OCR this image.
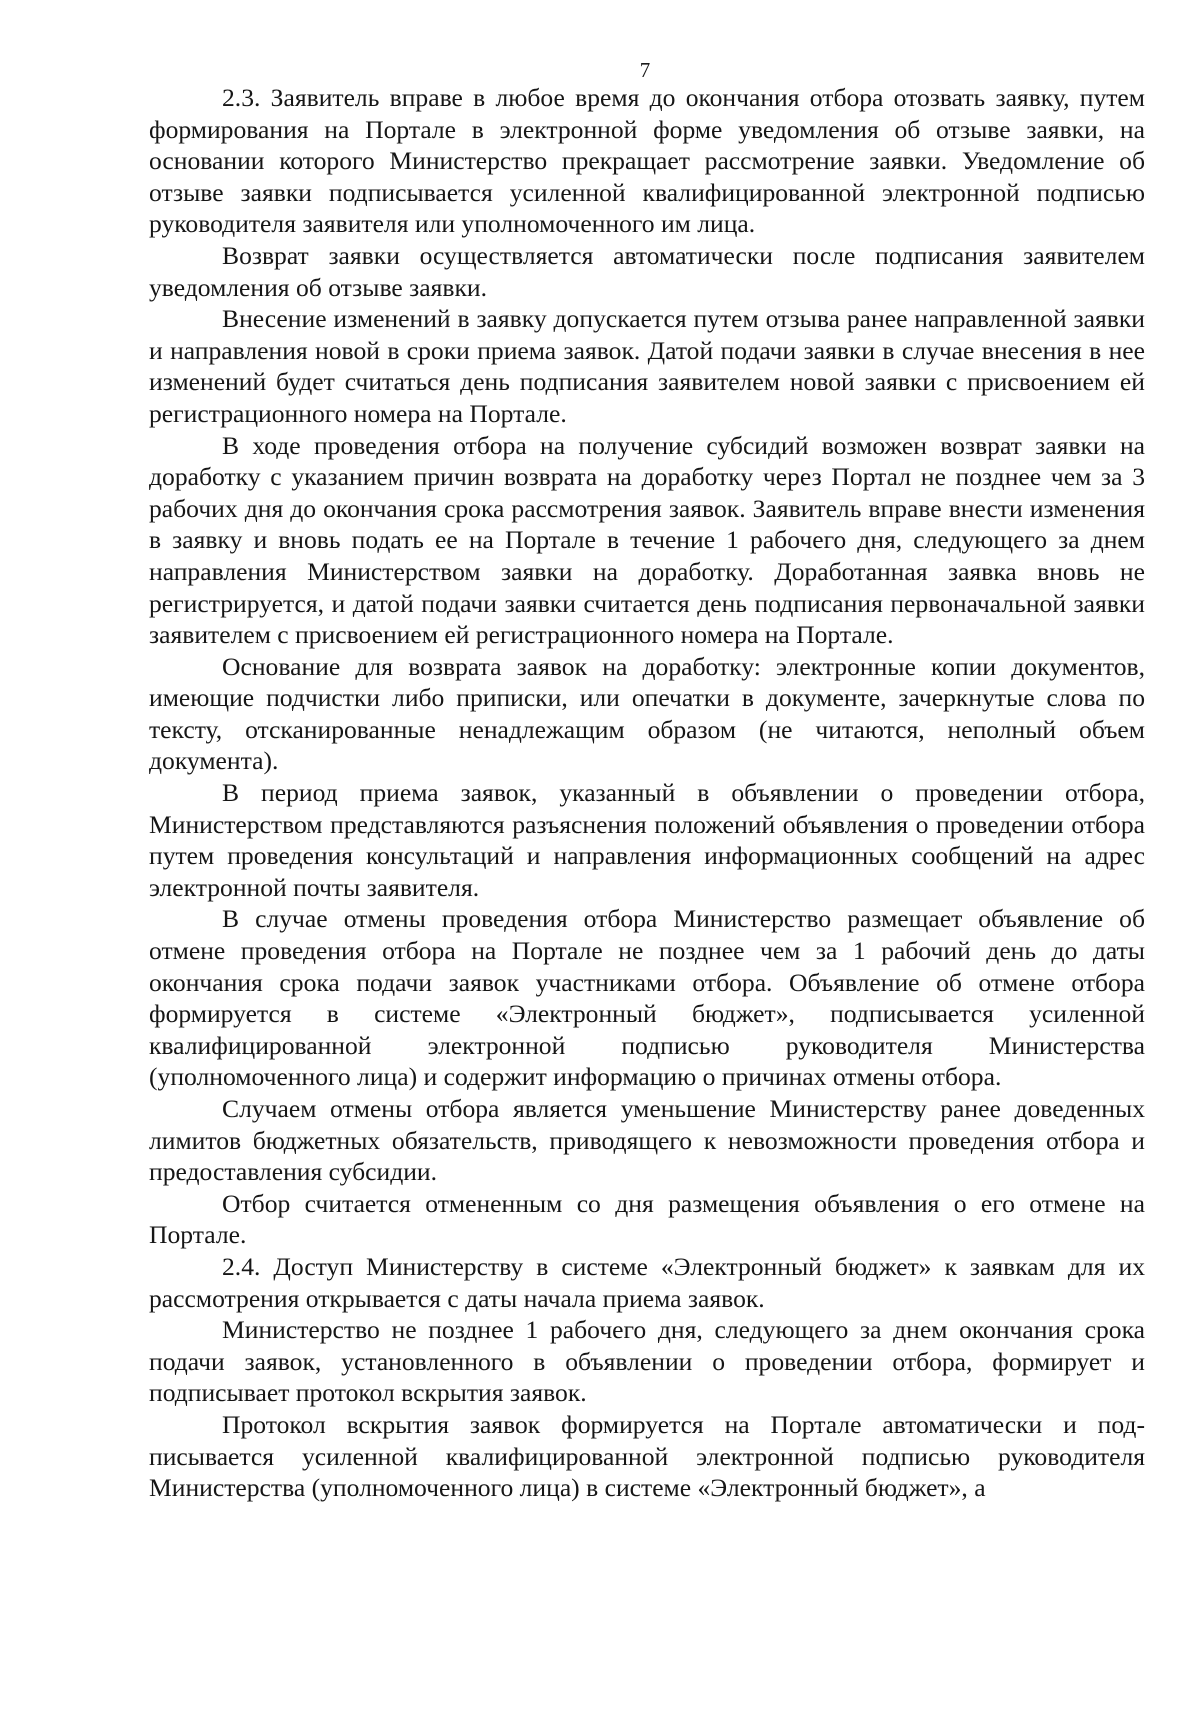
7

2.3. Заявитель вправе в любое время до окончания отбора отозвать заявку, путем формирования на Портале в электронной форме уведомления об отзыве заявки, на основании которого Министерство прекращает рассмотрение заявки. Уведомление об отзыве заявки подписывается усиленной квалифицированной электронной подписью руководителя заявителя или уполномоченного им лица.

Возврат заявки осуществляется автоматически после подписания заявителем уведомления об отзыве заявки.

Внесение изменений в заявку допускается путем отзыва ранее направленной заявки и направления новой в сроки приема заявок. Датой подачи заявки в случае внесения в нее изменений будет считаться день подписания заявителем новой заявки с присвоением ей регистрационного номера на Портале.

В ходе проведения отбора на получение субсидий возможен возврат заявки на доработку с указанием причин возврата на доработку через Портал не позднее чем за 3 рабочих дня до окончания срока рассмотрения заявок. Заявитель вправе внести изменения в заявку и вновь подать ее на Портале в течение 1 рабочего дня, следующего за днем направления Министерством заявки на доработку. Доработанная заявка вновь не регистрируется, и датой подачи заявки считается день подписания первоначальной заявки заявителем с присвоением ей регистрационного номера на Портале.

Основание для возврата заявок на доработку: электронные копии документов, имеющие подчистки либо приписки, или опечатки в документе, зачеркнутые слова по тексту, отсканированные ненадлежащим образом (не читаются, неполный объем документа).

В период приема заявок, указанный в объявлении о проведении отбора, Министерством представляются разъяснения положений объявления о проведении отбора путем проведения консультаций и направления информационных сообщений на адрес электронной почты заявителя.

В случае отмены проведения отбора Министерство размещает объявление об отмене проведения отбора на Портале не позднее чем за 1 рабочий день до даты окончания срока подачи заявок участниками отбора. Объявление об отмене отбора формируется в системе «Электронный бюджет», подписывается усиленной квалифицированной электронной подписью руководителя Министерства (уполномоченного лица) и содержит информацию о причинах отмены отбора.

Случаем отмены отбора является уменьшение Министерству ранее доведенных лимитов бюджетных обязательств, приводящего к невозможности проведения отбора и предоставления субсидии.

Отбор считается отмененным со дня размещения объявления о его отмене на Портале.

2.4. Доступ Министерству в системе «Электронный бюджет» к заявкам для их рассмотрения открывается с даты начала приема заявок.

Министерство не позднее 1 рабочего дня, следующего за днем окончания срока подачи заявок, установленного в объявлении о проведении отбора, формирует и подписывает протокол вскрытия заявок.

Протокол вскрытия заявок формируется на Портале автоматически и подписывается усиленной квалифицированной электронной подписью руководителя Министерства (уполномоченного лица) в системе «Электронный бюджет», а
